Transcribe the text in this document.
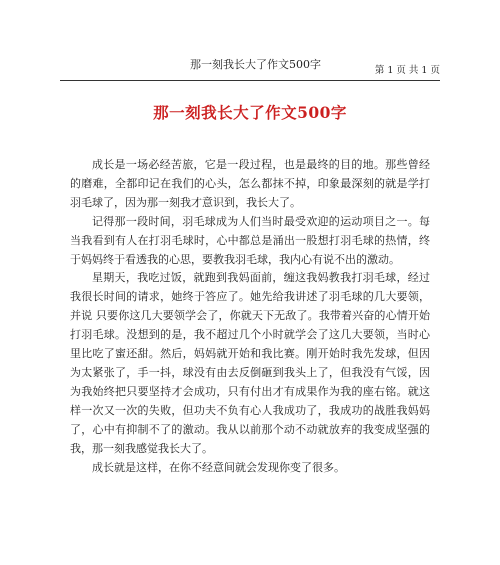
那一刻我长大了作文500字	第 1 页 共 1 页
那一刻我长大了作文500字

成长是一场必经苦旅，它是一段过程，也是最终的目的地。那些曾经的磨难，全都印记在我们的心头，怎么都抹不掉，印象最深刻的就是学打羽毛球了，因为那一刻我才意识到，我长大了。

记得那一段时间，羽毛球成为人们当时最受欢迎的运动项目之一。每当我看到有人在打羽毛球时，心中都总是涌出一股想打羽毛球的热情，终于妈妈终于看透我的心思，要教我羽毛球，我内心有说不出的激动。

星期天，我吃过饭，就跑到我妈面前，缠这我妈教我打羽毛球，经过我很长时间的请求，她终于答应了。她先给我讲述了羽毛球的几大要领，并说 只要你这几大要领学会了，你就天下无敌了。我带着兴奋的心情开始打羽毛球。没想到的是，我不超过几个小时就学会了这几大要领，当时心里比吃了蜜还甜。然后，妈妈就开始和我比赛。刚开始时我先发球，但因为太紧张了，手一抖，球没有由去反倒砸到我头上了，但我没有气馁，因为我始终把只要坚持才会成功，只有付出才有成果作为我的座右铭。就这样一次又一次的失败，但功夫不负有心人我成功了，我成功的战胜我妈妈了，心中有抑制不了的激动。我从以前那个动不动就放弃的我变成坚强的我，那一刻我感觉我长大了。

成长就是这样，在你不经意间就会发现你变了很多。
